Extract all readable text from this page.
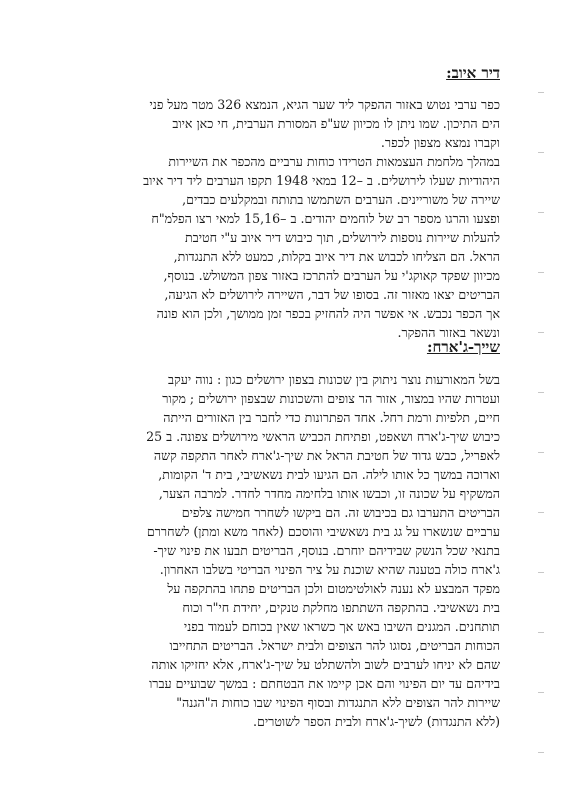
דיר איוב:

כפר ערבי נטוש באזור ההפקר ליד שער הגיא, הנמצא 326 מטר מעל פני
הים התיכון. שמו ניתן לו מכיוון שע"פ המסורת הערבית, חי כאן איוב
וקברו נמצא מצפון לכפר.
במהלך מלחמת העצמאות הטרידו כוחות ערביים מהכפר את השיירות
היהודיות שעלו לירושלים. ב –12 במאי 1948 תקפו הערבים ליד דיר איוב
שיירה של משוריינים. הערבים השתמשו בתותח ובמקלעים כבדים,
ופצעו והרגו מספר רב של לוחמים יהודים. ב –15,16 למאי רצו הפלמ"ח
להעלות שיירות נוספות לירושלים, תוך כיבוש דיר איוב ע"י חטיבת
הראל. הם הצליחו לכבוש את דיר איוב בקלות, כמעט ללא התנגדות,
מכיוון שפקד קאוקג'י על הערבים להתרכז באזור צפון המשולש. בנוסף,
הבריטים יצאו מאזור זה. בסופו של דבר, השיירה לירושלים לא הגיעה,
אך הכפר נכבש. אי אפשר היה להחזיק בכפר זמן ממושך, ולכן הוא פונה
ונשאר באזור ההפקר.

שייך-ג'ארח:

בשל המאורעות נוצר ניתוק בין שכונות בצפון ירושלים כגון : נווה יעקב
ועטרות שהיו במצור, אזור הר צופים והשכונות שבצפון ירושלים ; מקור
חיים, תלפיות ורמת רחל. אחד הפתרונות כדי לחבר בין האזורים הייתה
כיבוש שיך-ג'ארח ושאפט, ופתיחת הכביש הראשי מירושלים צפונה. ב 25
לאפריל, כבש גדוד של חטיבת הראל את שיך-ג'ארח לאחר התקפה קשה
וארוכה במשך כל אותו לילה. הם הגיעו לבית נשאשיבי, בית ד' הקומות,
המשקיף על שכונה זו, וכבשו אותו בלחימה מחדר לחדר. למרבה הצער,
הבריטים התערבו גם בכיבוש זה. הם ביקשו לשחרר חמישה צלפים
ערביים שנשארו על גג בית נשאשיבי והוסכם (לאחר משא ומתן) לשחררם
בתנאי שכל הנשק שבידיהם יוחרם. בנוסף, הבריטים תבעו את פינוי שיך-
ג'ארח כולה בטענה שהיא שוכנת על ציר הפינוי הבריטי בשלבו האחרון.
מפקד המבצע לא נענה לאולטימטום ולכן הבריטים פתחו בהתקפה על
בית נשאשיבי. בהתקפה השתתפו מחלקת טנקים, יחידת חי"ר וכוח
תותחנים. המגנים השיבו באש אך כשראו שאין בכוחם לעמוד בפני
הכוחות הבריטים, נסוגו להר הצופים ולבית ישראל. הבריטים התחייבו
שהם לא יניחו לערבים לשוב ולהשתלט על שיך-ג'ארח, אלא יחזיקו אותה
בידיהם עד יום הפינוי והם אכן קיימו את הבטחתם : במשך שבועיים עברו
שיירות להר הצופים ללא התנגדות ובסוף הפינוי שבו כוחות ה"הגנה"
(ללא התנגדות) לשיך-ג'ארח ולבית הספר לשוטרים.
